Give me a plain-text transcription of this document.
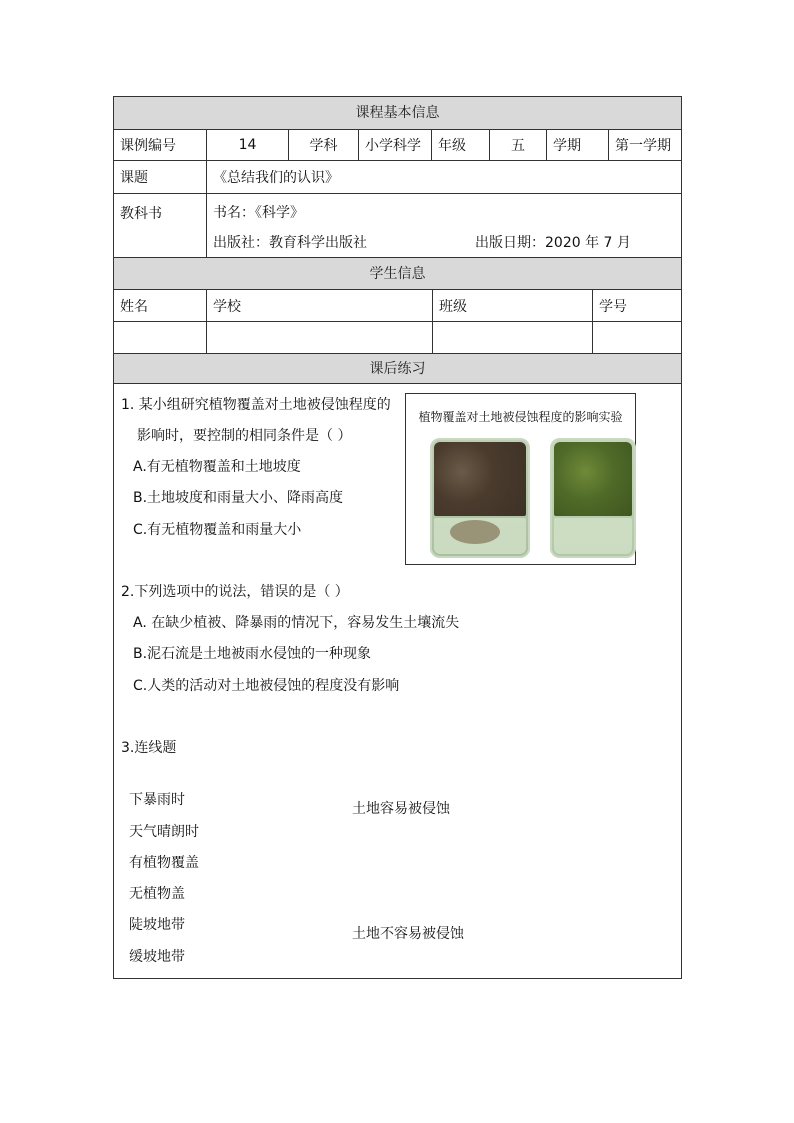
课程基本信息
课例编号	14	学科	小学科学	年级	五	学期	第一学期
课题	《总结我们的认识》
教科书	书名：《科学》
出版社：教育科学出版社	出版日期：2020 年 7 月
学生信息
姓名	学校	班级	学号
课后练习
1. 某小组研究植物覆盖对土地被侵蚀程度的
影响时，要控制的相同条件是（ ）
A.有无植物覆盖和土地坡度
B.土地坡度和雨量大小、降雨高度
C.有无植物覆盖和雨量大小
植物覆盖对土地被侵蚀程度的影响实验
2.下列选项中的说法，错误的是（ ）
A. 在缺少植被、降暴雨的情况下，容易发生土壤流失
B.泥石流是土地被雨水侵蚀的一种现象
C.人类的活动对土地被侵蚀的程度没有影响
3.连线题
下暴雨时
天气晴朗时
有植物覆盖
无植物盖
陡坡地带
缓坡地带
土地容易被侵蚀
土地不容易被侵蚀
